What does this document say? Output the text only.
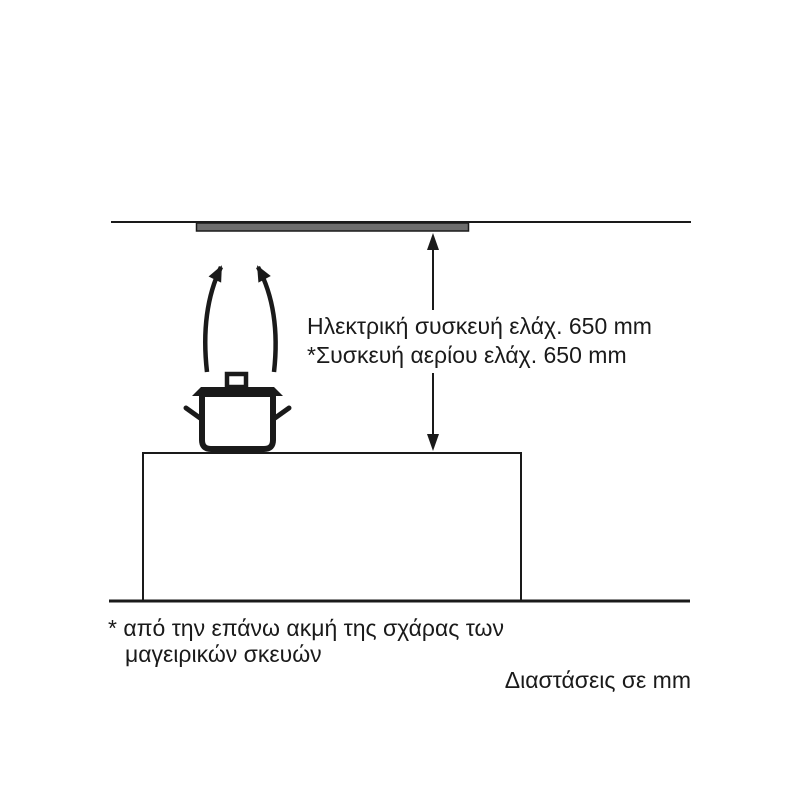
Ηλεκτρική συσκευή ελάχ. 650 mm
*Συσκευή αερίου ελάχ. 650 mm
* από την επάνω ακμή της σχάρας των
μαγειρικών σκευών
Διαστάσεις σε mm
